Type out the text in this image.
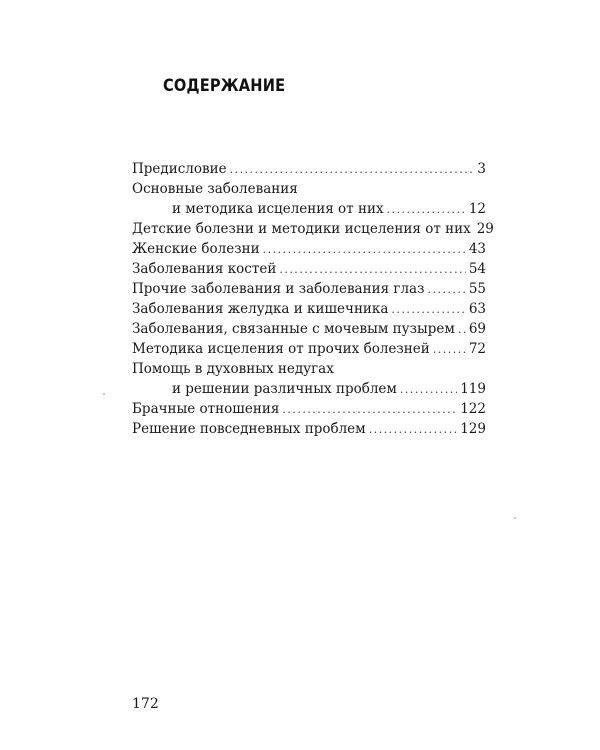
СОДЕРЖАНИЕ
Предисловие . . .	3
Основные заболевания
и методика исцеления от них . . .	12
Детские болезни и методики исцеления от них 29
Женские болезни . . .	43
Заболевания костей . . .	54
Прочие заболевания и заболевания глаз . . .	55
Заболевания желудка и кишечника . . .	63
Заболевания, связанные с мочевым пузырем . . . 69
Методика исцеления от прочих болезней . . .	72
Помощь в духовных недугах
и решении различных проблем . . .	119
Брачные отношения . . .	122
Решение повседневных проблем . . .	129
172
